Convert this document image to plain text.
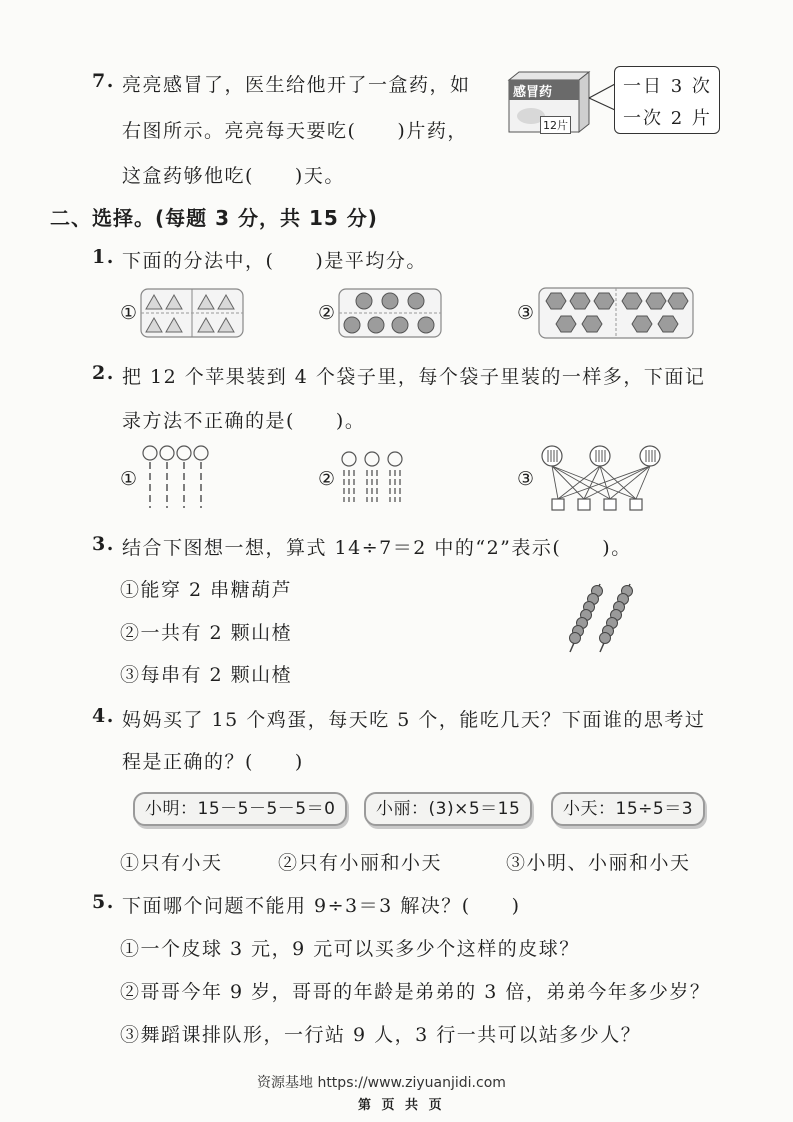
7. 亮亮感冒了，医生给他开了一盒药，如
右图所示。亮亮每天要吃(　　)片药，
这盒药够他吃(　　)天。
感冒药
12片
一日 3 次
一次 2 片
二、选择。(每题 3 分，共 15 分)
1. 下面的分法中，(　　)是平均分。
①	②	③
2. 把 12 个苹果装到 4 个袋子里，每个袋子里装的一样多，下面记
录方法不正确的是(　　)。
①	②	③
3. 结合下图想一想，算式 14÷7＝2 中的“2”表示(　　)。
①能穿 2 串糖葫芦
②一共有 2 颗山楂
③每串有 2 颗山楂
4. 妈妈买了 15 个鸡蛋，每天吃 5 个，能吃几天？下面谁的思考过
程是正确的？(　　)
小明：15－5－5－5＝0	小丽：(3)×5＝15	小天：15÷5＝3
①只有小天	②只有小丽和小天	③小明、小丽和小天
5. 下面哪个问题不能用 9÷3＝3 解决？(　　)
①一个皮球 3 元，9 元可以买多少个这样的皮球？
②哥哥今年 9 岁，哥哥的年龄是弟弟的 3 倍，弟弟今年多少岁？
③舞蹈课排队形，一行站 9 人，3 行一共可以站多少人？
资源基地 https://www.ziyuanjidi.com
第 页 共 页
